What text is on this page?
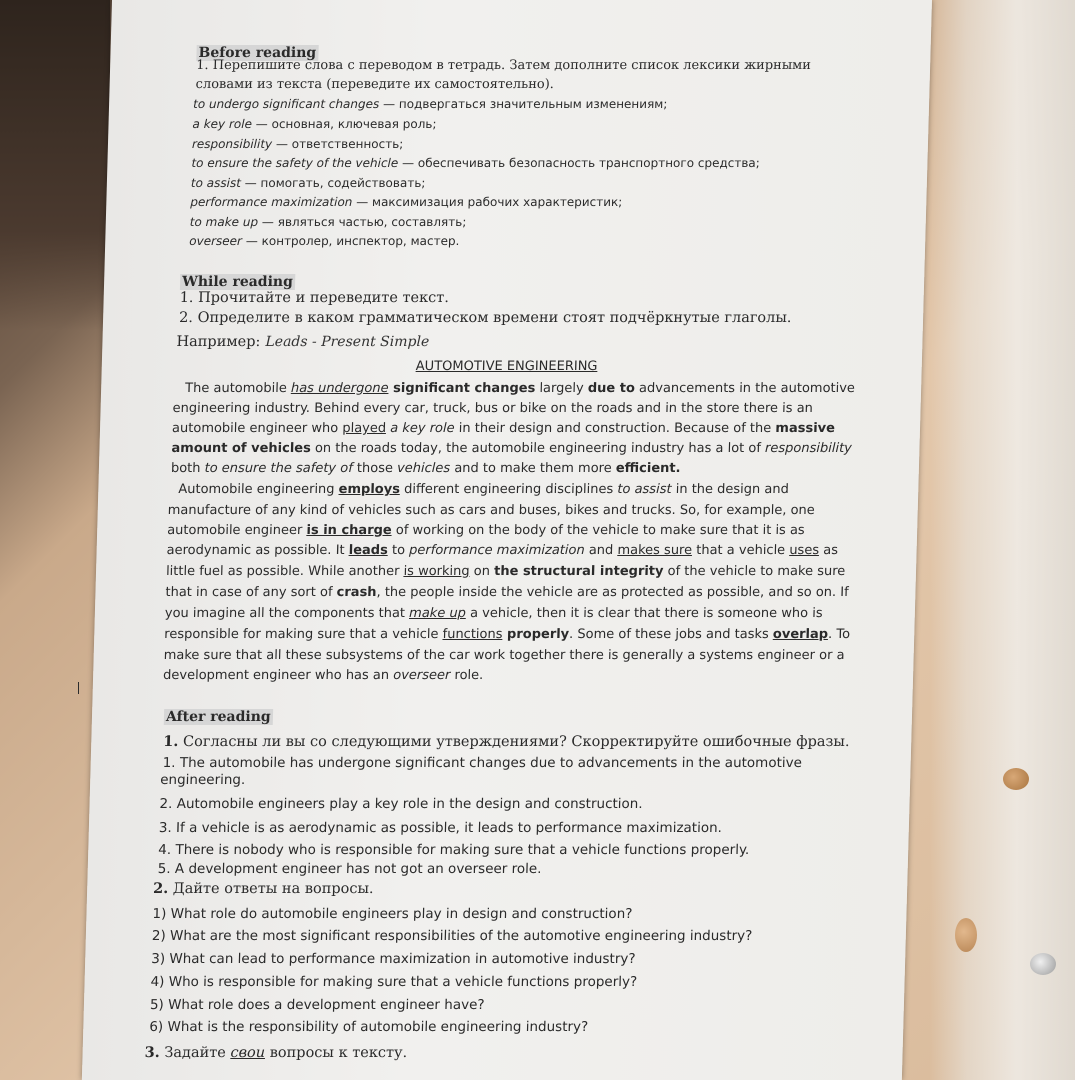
Before reading
1. Перепишите слова с переводом в тетрадь. Затем дополните список лексики жирными
словами из текста (переведите их самостоятельно).
to undergo significant changes — подвергаться значительным изменениям;
a key role — основная, ключевая роль;
responsibility — ответственность;
to ensure the safety of the vehicle — обеспечивать безопасность транспортного средства;
to assist — помогать, содействовать;
performance maximization — максимизация рабочих характеристик;
to make up — являться частью, составлять;
overseer — контролер, инспектор, мастер.
While reading
1. Прочитайте и переведите текст.
2. Определите в каком грамматическом времени стоят подчёркнутые глаголы.
Например: Leads - Present Simple
AUTOMOTIVE ENGINEERING
The automobile has undergone significant changes largely due to advancements in the automotive
engineering industry. Behind every car, truck, bus or bike on the roads and in the store there is an
automobile engineer who played a key role in their design and construction. Because of the massive
amount of vehicles on the roads today, the automobile engineering industry has a lot of responsibility
both to ensure the safety of those vehicles and to make them more efficient.
Automobile engineering employs different engineering disciplines to assist in the design and
manufacture of any kind of vehicles such as cars and buses, bikes and trucks. So, for example, one
automobile engineer is in charge of working on the body of the vehicle to make sure that it is as
aerodynamic as possible. It leads to performance maximization and makes sure that a vehicle uses as
little fuel as possible. While another is working on the structural integrity of the vehicle to make sure
that in case of any sort of crash, the people inside the vehicle are as protected as possible, and so on. If
you imagine all the components that make up a vehicle, then it is clear that there is someone who is
responsible for making sure that a vehicle functions properly. Some of these jobs and tasks overlap. To
make sure that all these subsystems of the car work together there is generally a systems engineer or a
development engineer who has an overseer role.
After reading
1. Согласны ли вы со следующими утверждениями? Скорректируйте ошибочные фразы.
1. The automobile has undergone significant changes due to advancements in the automotive
engineering.
2. Automobile engineers play a key role in the design and construction.
3. If a vehicle is as aerodynamic as possible, it leads to performance maximization.
4. There is nobody who is responsible for making sure that a vehicle functions properly.
5. A development engineer has not got an overseer role.
2. Дайте ответы на вопросы.
1) What role do automobile engineers play in design and construction?
2) What are the most significant responsibilities of the automotive engineering industry?
3) What can lead to performance maximization in automotive industry?
4) Who is responsible for making sure that a vehicle functions properly?
5) What role does a development engineer have?
6) What is the responsibility of automobile engineering industry?
3. Задайте свои вопросы к тексту.
